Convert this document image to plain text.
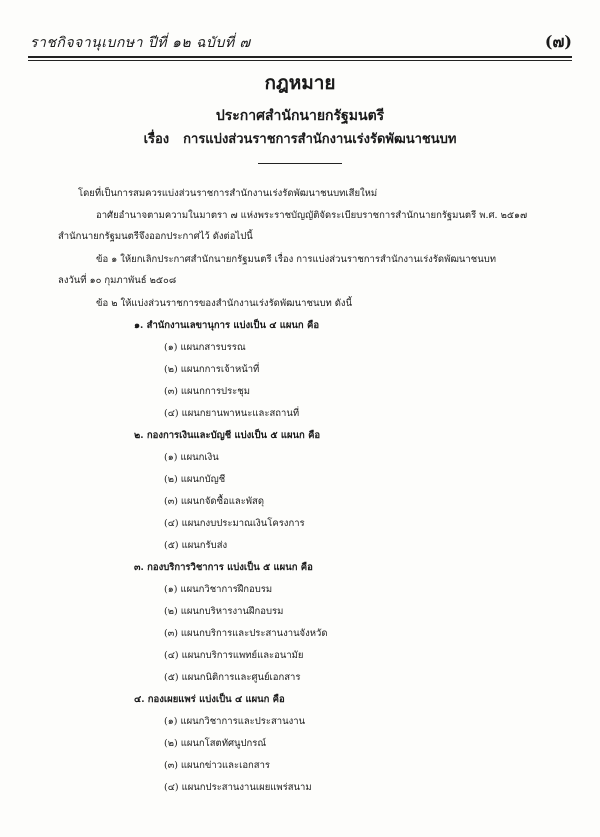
ราชกิจจานุเบกษา ปีที่ ๑๒ ฉบับที่ ๗	(๗)
กฎหมาย
ประกาศสำนักนายกรัฐมนตรี
เรื่อง การแบ่งส่วนราชการสำนักงานเร่งรัดพัฒนาชนบท
โดยที่เป็นการสมควรแบ่งส่วนราชการสำนักงานเร่งรัดพัฒนาชนบทเสียใหม่
อาศัยอำนาจตามความในมาตรา ๗ แห่งพระราชบัญญัติจัดระเบียบราชการสำนักนายกรัฐมนตรี พ.ศ. ๒๕๑๗
สำนักนายกรัฐมนตรีจึงออกประกาศไว้ ดังต่อไปนี้
ข้อ ๑ ให้ยกเลิกประกาศสำนักนายกรัฐมนตรี เรื่อง การแบ่งส่วนราชการสำนักงานเร่งรัดพัฒนาชนบท
ลงวันที่ ๑๐ กุมภาพันธ์ ๒๕๐๘
ข้อ ๒ ให้แบ่งส่วนราชการของสำนักงานเร่งรัดพัฒนาชนบท ดังนี้
๑. สำนักงานเลขานุการ แบ่งเป็น ๔ แผนก คือ
(๑) แผนกสารบรรณ
(๒) แผนกการเจ้าหน้าที่
(๓) แผนกการประชุม
(๔) แผนกยานพาหนะและสถานที่
๒. กองการเงินและบัญชี แบ่งเป็น ๕ แผนก คือ
(๑) แผนกเงิน
(๒) แผนกบัญชี
(๓) แผนกจัดซื้อและพัสดุ
(๔) แผนกงบประมาณเงินโครงการ
(๕) แผนกรับส่ง
๓. กองบริการวิชาการ แบ่งเป็น ๕ แผนก คือ
(๑) แผนกวิชาการฝึกอบรม
(๒) แผนกบริหารงานฝึกอบรม
(๓) แผนกบริการและประสานงานจังหวัด
(๔) แผนกบริการแพทย์และอนามัย
(๕) แผนกนิติการและศูนย์เอกสาร
๔. กองเผยแพร่ แบ่งเป็น ๔ แผนก คือ
(๑) แผนกวิชาการและประสานงาน
(๒) แผนกโสตทัศนูปกรณ์
(๓) แผนกข่าวและเอกสาร
(๔) แผนกประสานงานเผยแพร่สนาม
